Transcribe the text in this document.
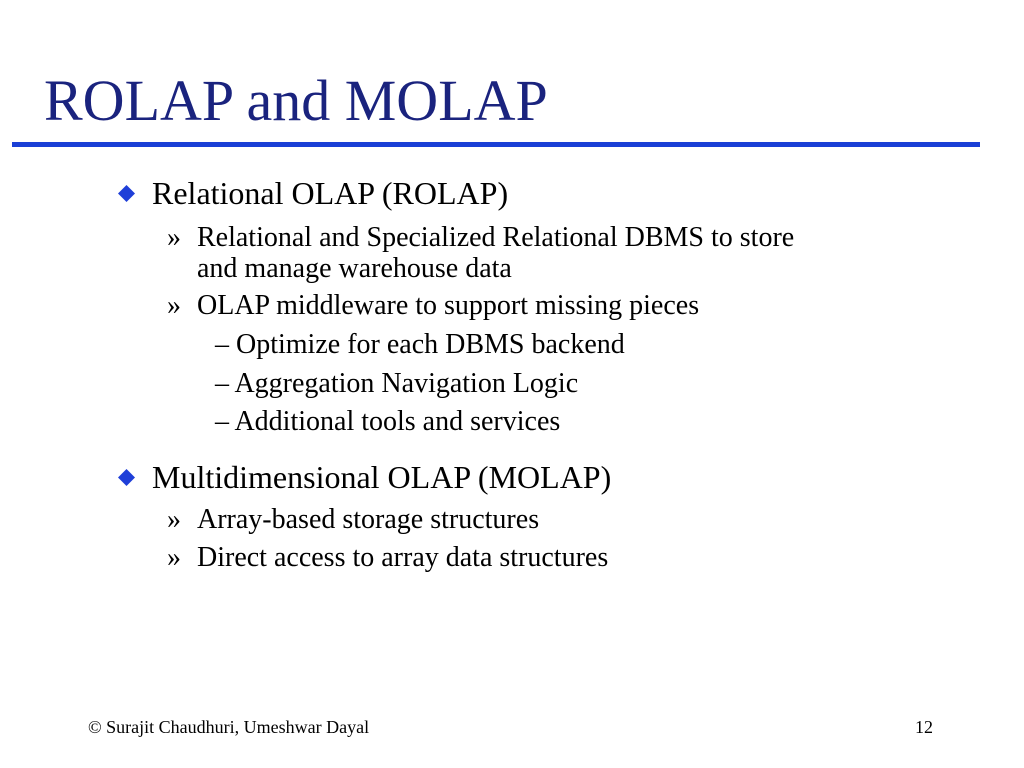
ROLAP and MOLAP
Relational OLAP (ROLAP)
» Relational and Specialized Relational DBMS to store
and manage warehouse data
» OLAP middleware to support missing pieces
– Optimize for each DBMS backend
– Aggregation Navigation Logic
– Additional tools and services
Multidimensional OLAP (MOLAP)
» Array-based storage structures
» Direct access to array data structures
© Surajit Chaudhuri, Umeshwar Dayal	12
